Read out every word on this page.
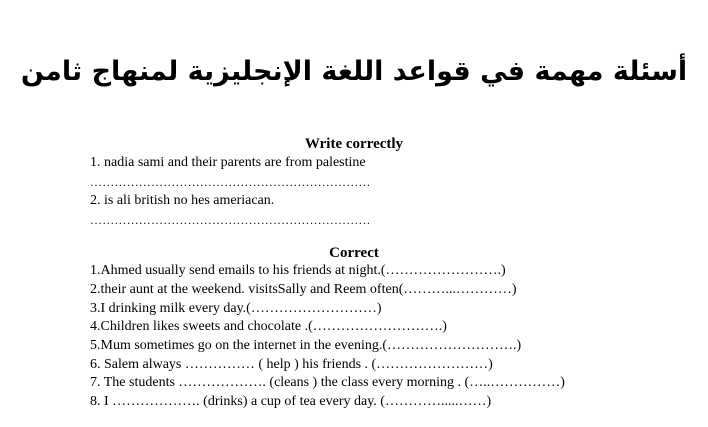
أسئلة مهمة في قواعد اللغة الإنجليزية لمنهاج ثامن
Write correctly
1. nadia sami and their parents are from palestine
……………………………………………………………
2. is ali british no hes ameriacan.
……………………………………………………………
Correct
1.Ahmed usually send emails to his friends at night.(…………………….)
2.their aunt at the weekend. visitsSally and Reem often(………...…………)
3.I drinking milk every day.(………………………)
4.Children likes sweets and chocolate .(……………………….)
5.Mum sometimes go on the internet in the evening.(……………………….)
6. Salem always …………… ( help ) his friends . (……………………)
7. The students ………………. (cleans ) the class every morning . (…..……………)
8. I ………………. (drinks) a cup of tea every day. (………….....……)
